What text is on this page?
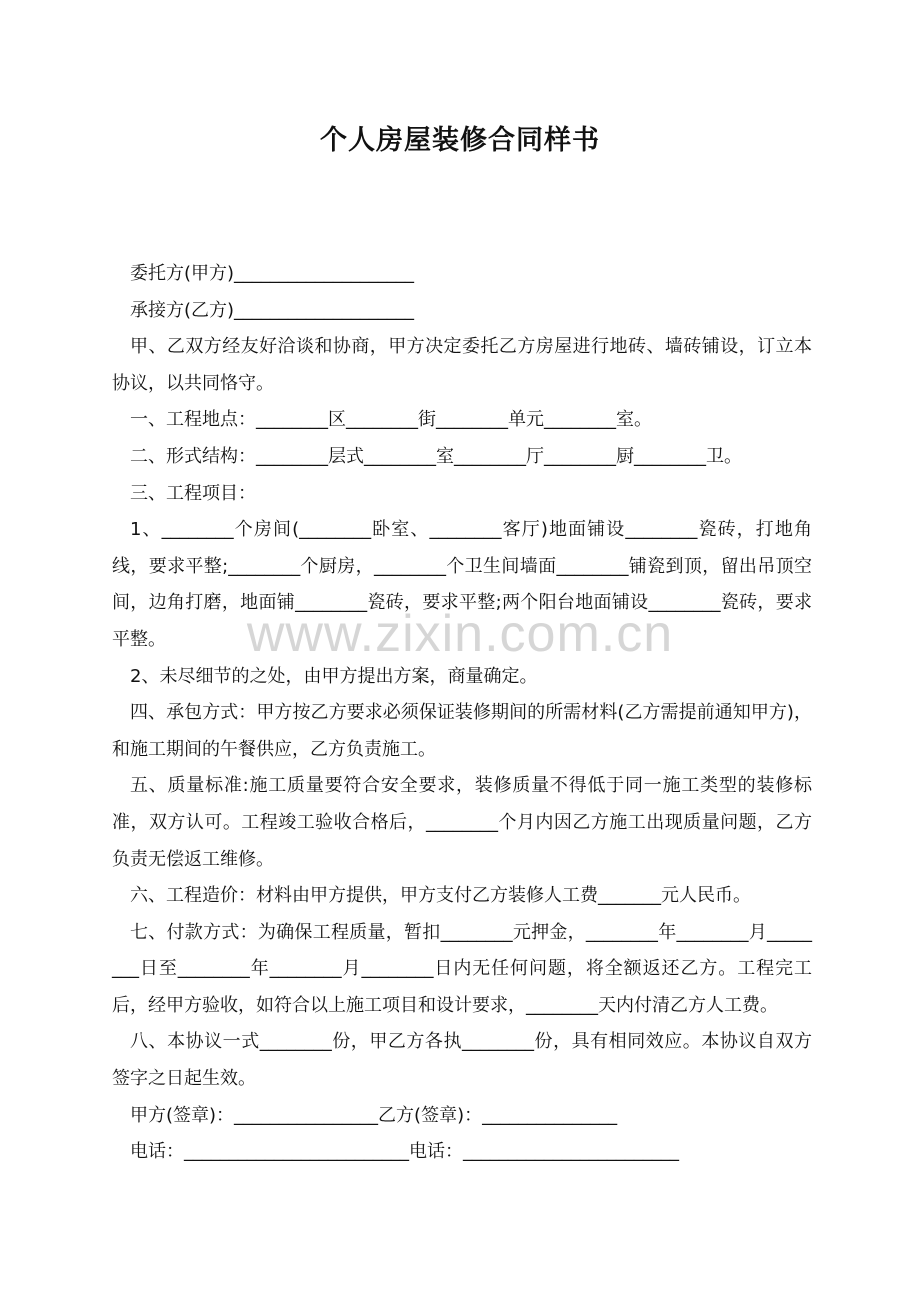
个人房屋装修合同样书

委托方(甲方)____________________

承接方(乙方)____________________

甲、乙双方经友好洽谈和协商，甲方决定委托乙方房屋进行地砖、墙砖铺设，订立本协议，以共同恪守。

一、工程地点：________区________街________单元________室。

二、形式结构：________层式________室________厅________厨________卫。

三、工程项目：

1、________个房间(________卧室、________客厅)地面铺设________瓷砖，打地角线，要求平整;________个厨房，________个卫生间墙面________铺瓷到顶，留出吊顶空间，边角打磨，地面铺________瓷砖，要求平整;两个阳台地面铺设________瓷砖，要求平整。

2、未尽细节的之处，由甲方提出方案，商量确定。

四、承包方式：甲方按乙方要求必须保证装修期间的所需材料(乙方需提前通知甲方)，和施工期间的午餐供应，乙方负责施工。

五、质量标准:施工质量要符合安全要求，装修质量不得低于同一施工类型的装修标准，双方认可。工程竣工验收合格后，________个月内因乙方施工出现质量问题，乙方负责无偿返工维修。

六、工程造价：材料由甲方提供，甲方支付乙方装修人工费_______元人民币。

七、付款方式：为确保工程质量，暂扣________元押金，________年________月________日至________年________月________日内无任何问题，将全额返还乙方。工程完工后，经甲方验收，如符合以上施工项目和设计要求，________天内付清乙方人工费。

八、本协议一式________份，甲乙方各执________份，具有相同效应。本协议自双方签字之日起生效。

甲方(签章)：________________乙方(签章)：_______________

电话：_________________________电话：________________________

www.zixin.com.cn
